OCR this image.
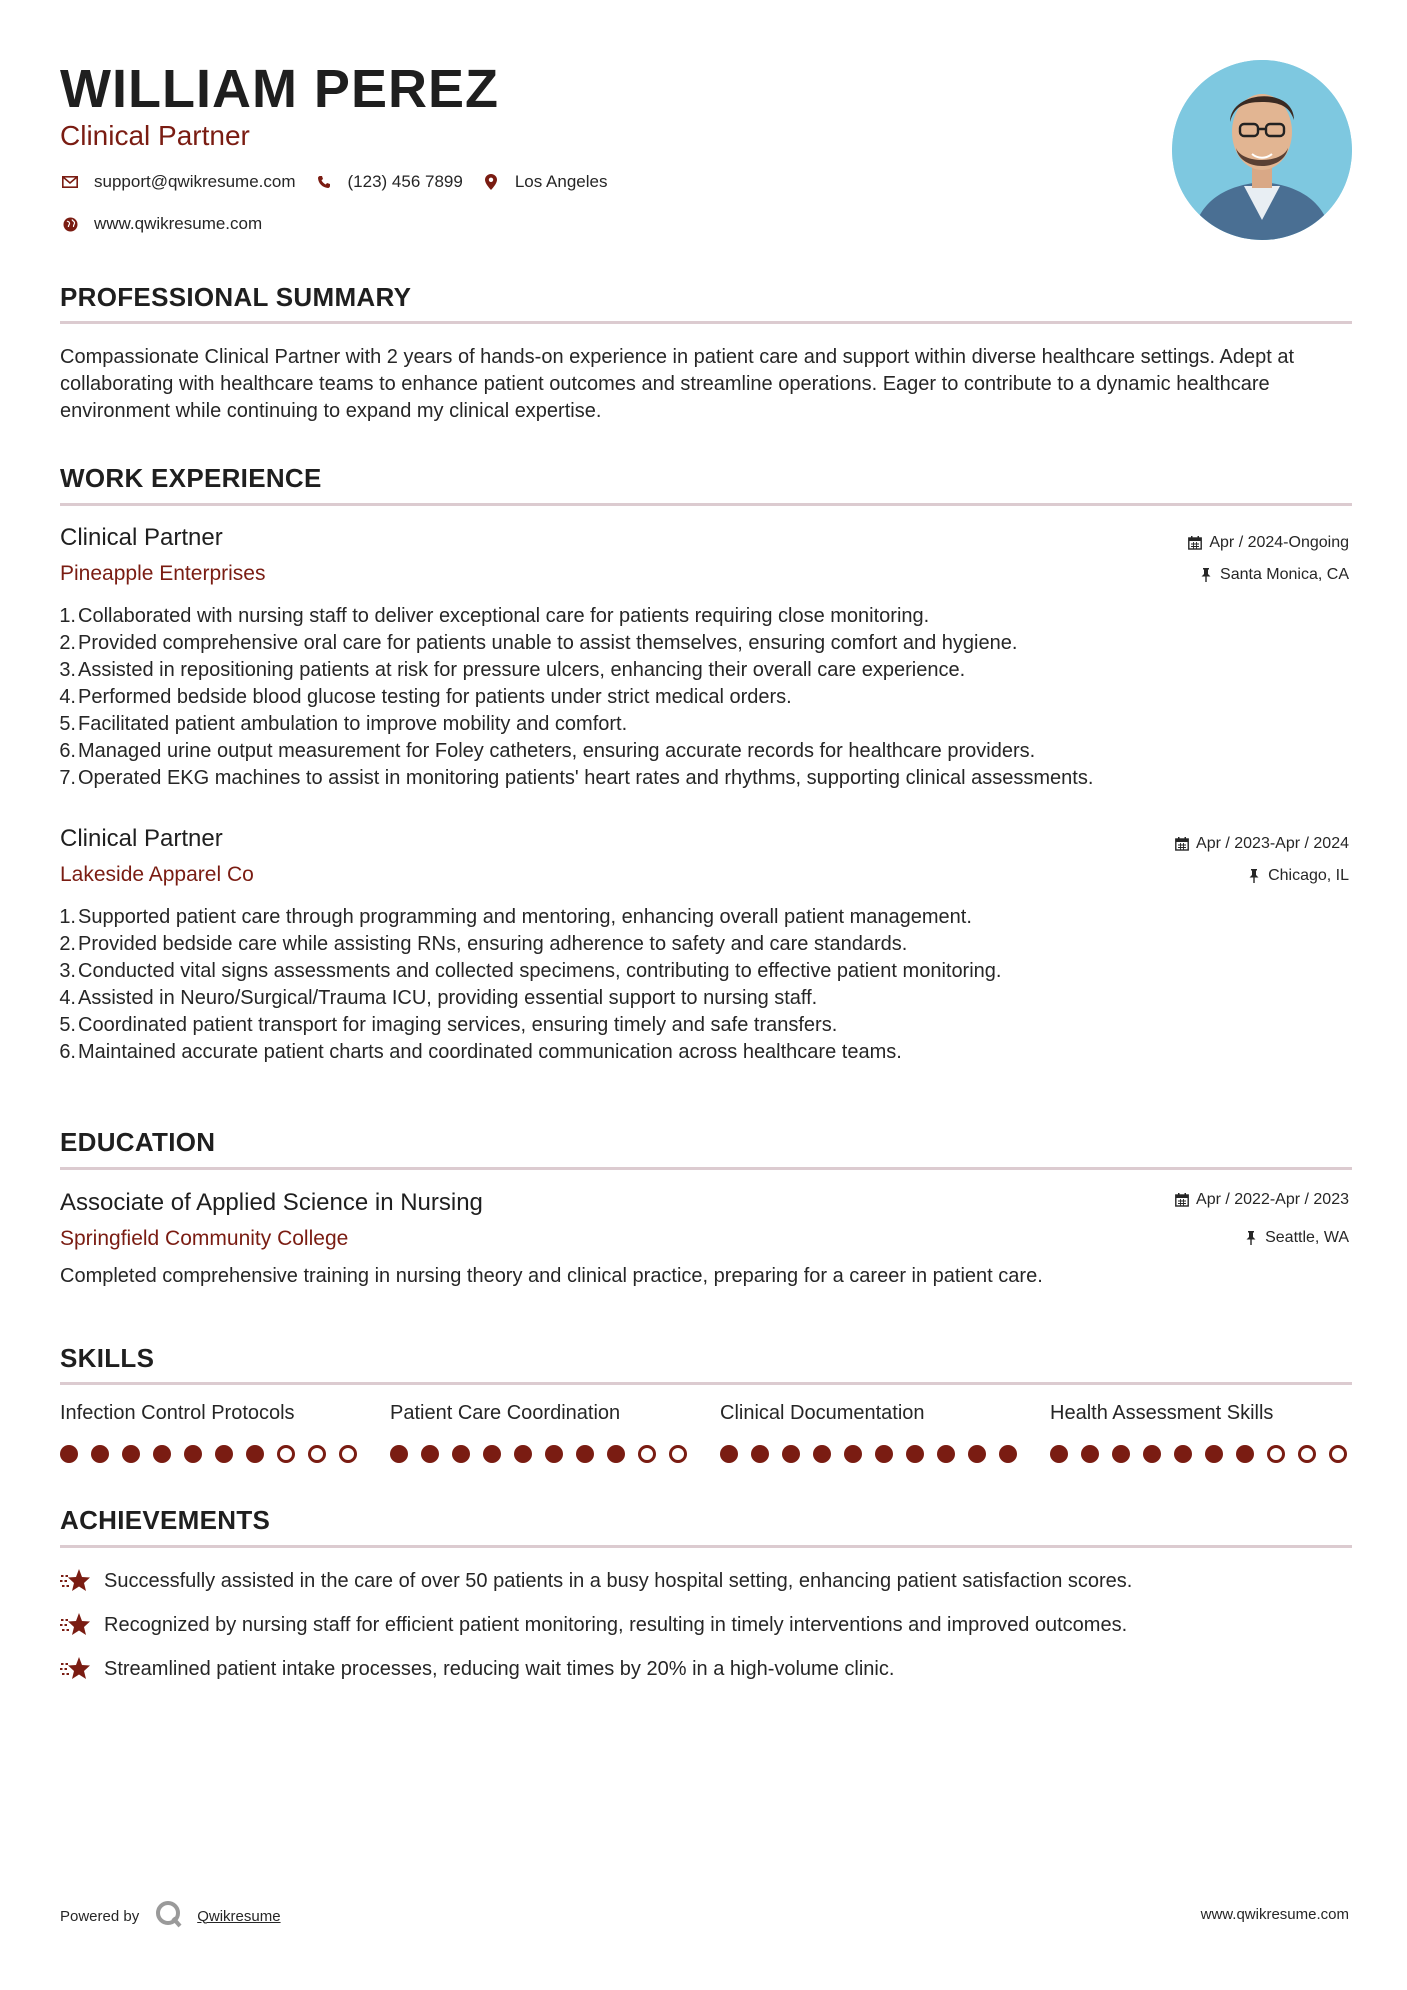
WILLIAM PEREZ
Clinical Partner
support@qwikresume.com	(123) 456 7899	Los Angeles
www.qwikresume.com
PROFESSIONAL SUMMARY
Compassionate Clinical Partner with 2 years of hands-on experience in patient care and support within diverse healthcare settings. Adept at collaborating with healthcare teams to enhance patient outcomes and streamline operations. Eager to contribute to a dynamic healthcare environment while continuing to expand my clinical expertise.
WORK EXPERIENCE
Clinical Partner	Apr / 2024-Ongoing
Pineapple Enterprises	Santa Monica, CA
1. Collaborated with nursing staff to deliver exceptional care for patients requiring close monitoring.
2. Provided comprehensive oral care for patients unable to assist themselves, ensuring comfort and hygiene.
3. Assisted in repositioning patients at risk for pressure ulcers, enhancing their overall care experience.
4. Performed bedside blood glucose testing for patients under strict medical orders.
5. Facilitated patient ambulation to improve mobility and comfort.
6. Managed urine output measurement for Foley catheters, ensuring accurate records for healthcare providers.
7. Operated EKG machines to assist in monitoring patients' heart rates and rhythms, supporting clinical assessments.
Clinical Partner	Apr / 2023-Apr / 2024
Lakeside Apparel Co	Chicago, IL
1. Supported patient care through programming and mentoring, enhancing overall patient management.
2. Provided bedside care while assisting RNs, ensuring adherence to safety and care standards.
3. Conducted vital signs assessments and collected specimens, contributing to effective patient monitoring.
4. Assisted in Neuro/Surgical/Trauma ICU, providing essential support to nursing staff.
5. Coordinated patient transport for imaging services, ensuring timely and safe transfers.
6. Maintained accurate patient charts and coordinated communication across healthcare teams.
EDUCATION
Associate of Applied Science in Nursing	Apr / 2022-Apr / 2023
Springfield Community College	Seattle, WA
Completed comprehensive training in nursing theory and clinical practice, preparing for a career in patient care.
SKILLS
Infection Control Protocols	Patient Care Coordination	Clinical Documentation	Health Assessment Skills
ACHIEVEMENTS
Successfully assisted in the care of over 50 patients in a busy hospital setting, enhancing patient satisfaction scores.
Recognized by nursing staff for efficient patient monitoring, resulting in timely interventions and improved outcomes.
Streamlined patient intake processes, reducing wait times by 20% in a high-volume clinic.
Powered by	Qwikresume	www.qwikresume.com
